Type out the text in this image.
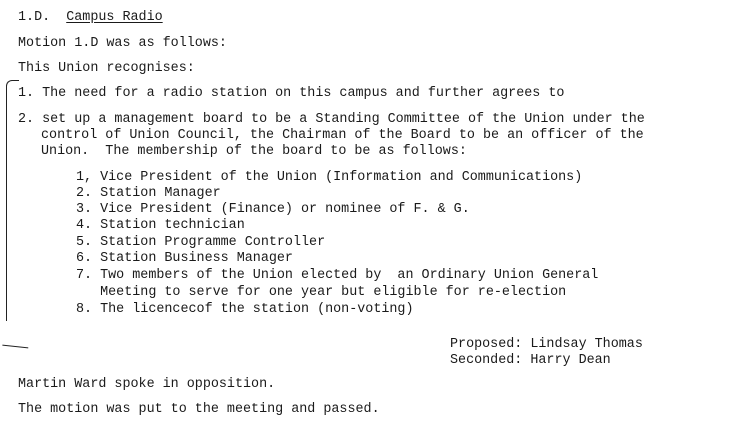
1.D. Campus Radio
Motion 1.D was as follows:
This Union recognises:
1. The need for a radio station on this campus and further agrees to
2. set up a management board to be a Standing Committee of the Union under the
control of Union Council, the Chairman of the Board to be an officer of the
Union.  The membership of the board to be as follows:
1, Vice President of the Union (Information and Communications)
2. Station Manager
3. Vice President (Finance) or nominee of F. & G.
4. Station technician
5. Station Programme Controller
6. Station Business Manager
7. Two members of the Union elected by  an Ordinary Union General
Meeting to serve for one year but eligible for re-election
8. The licencecof the station (non-voting)
Proposed: Lindsay Thomas
Seconded: Harry Dean
Martin Ward spoke in opposition.
The motion was put to the meeting and passed.
